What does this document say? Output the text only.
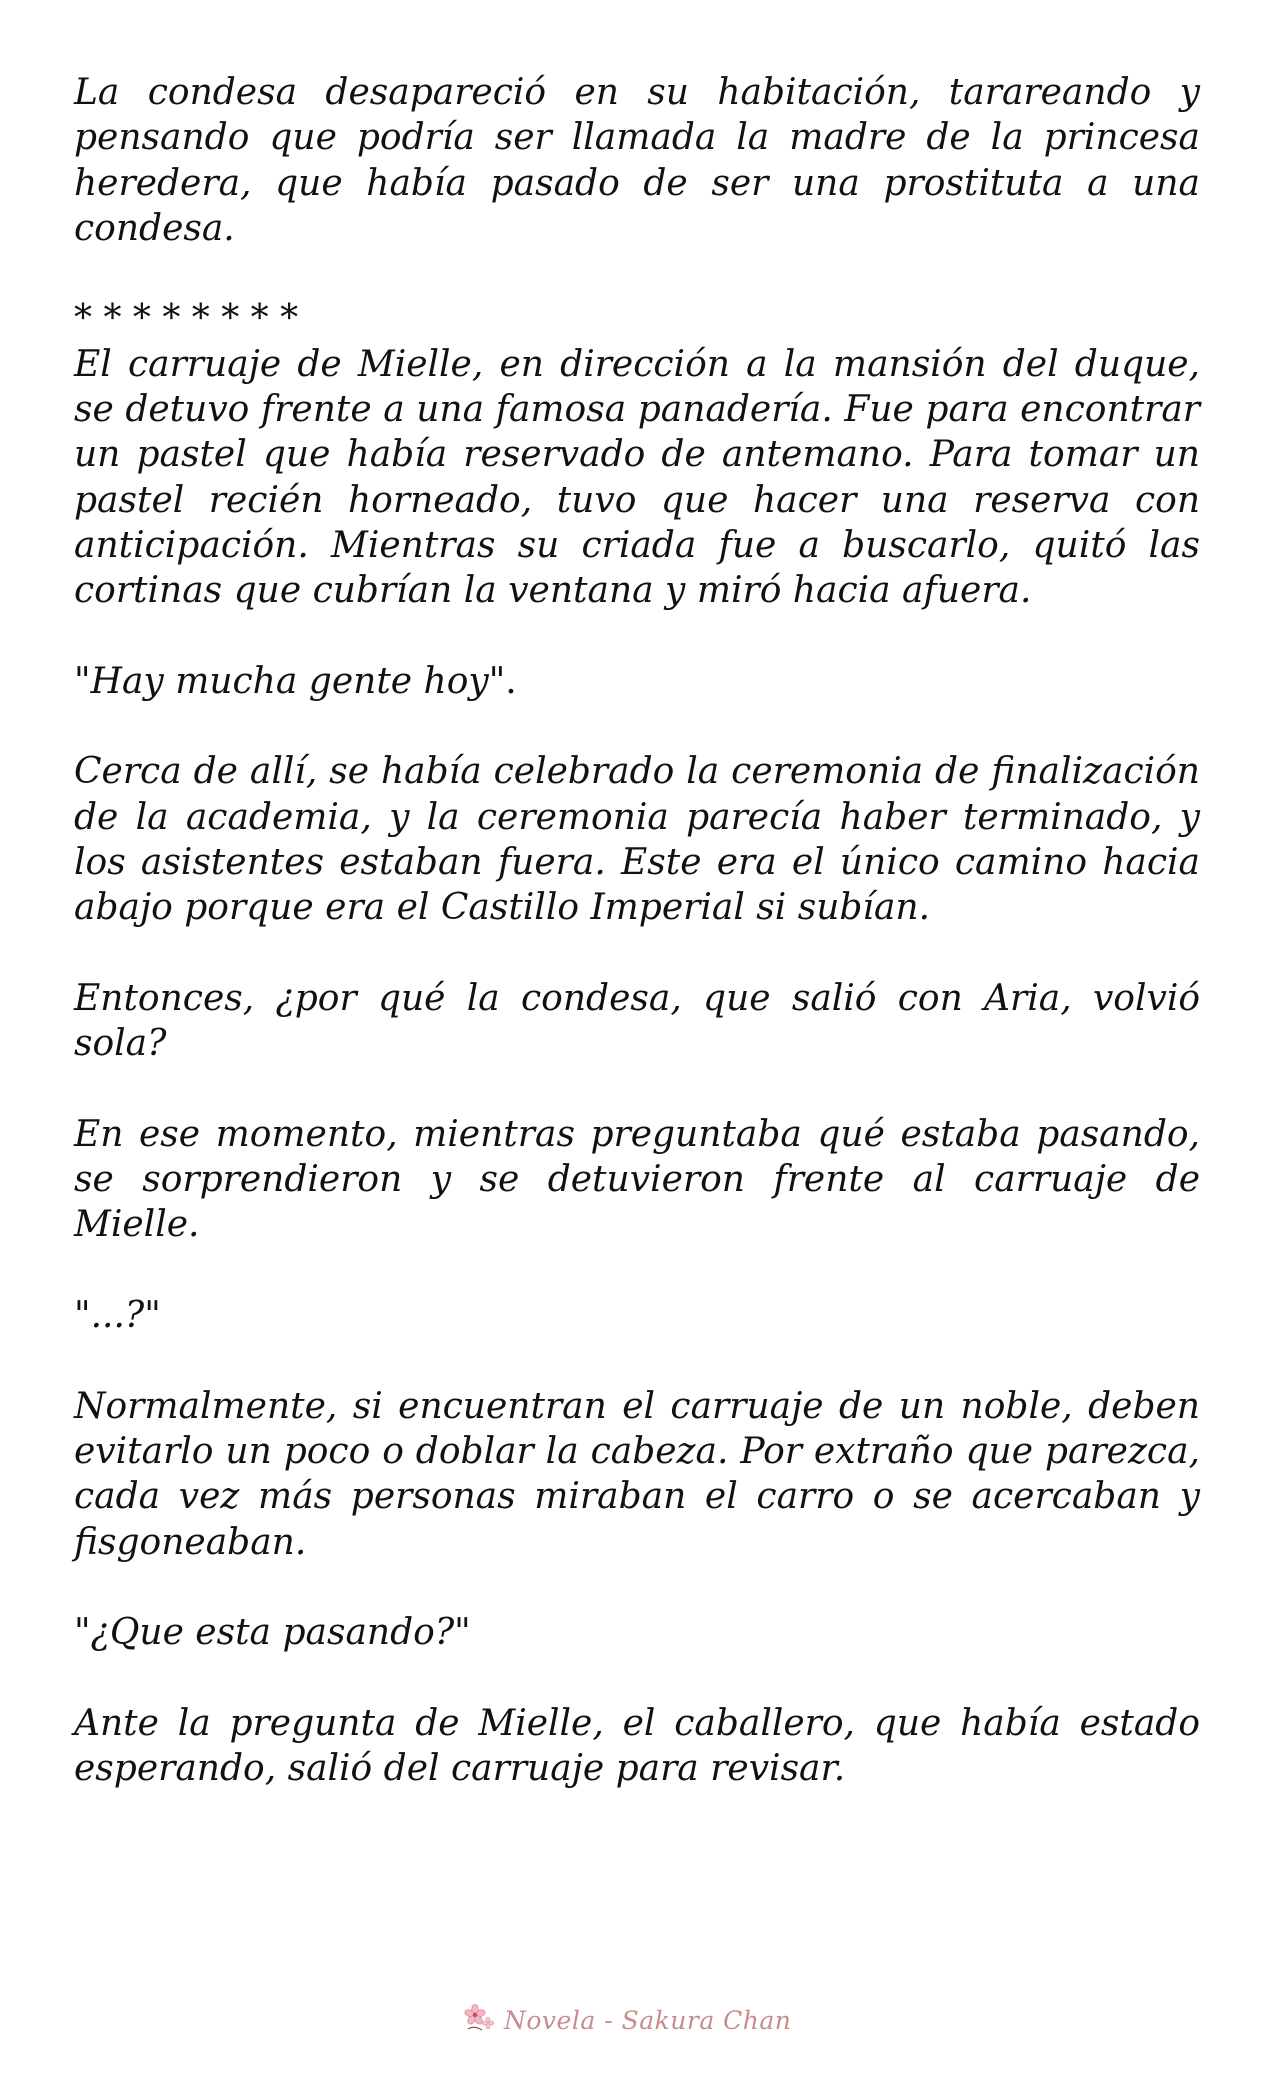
La condesa desapareció en su habitación, tarareando y pensando que podría ser llamada la madre de la princesa heredera, que había pasado de ser una prostituta a una condesa.

* * * * * * * *

El carruaje de Mielle, en dirección a la mansión del duque, se detuvo frente a una famosa panadería. Fue para encontrar un pastel que había reservado de antemano. Para tomar un pastel recién horneado, tuvo que hacer una reserva con anticipación. Mientras su criada fue a buscarlo, quitó las cortinas que cubrían la ventana y miró hacia afuera.

"Hay mucha gente hoy".

Cerca de allí, se había celebrado la ceremonia de finalización de la academia, y la ceremonia parecía haber terminado, y los asistentes estaban fuera. Este era el único camino hacia abajo porque era el Castillo Imperial si subían.

Entonces, ¿por qué la condesa, que salió con Aria, volvió sola?

En ese momento, mientras preguntaba qué estaba pasando, se sorprendieron y se detuvieron frente al carruaje de Mielle.

"...?"

Normalmente, si encuentran el carruaje de un noble, deben evitarlo un poco o doblar la cabeza. Por extraño que parezca, cada vez más personas miraban el carro o se acercaban y fisgoneaban.

"¿Que esta pasando?"

Ante la pregunta de Mielle, el caballero, que había estado esperando, salió del carruaje para revisar.

Novela - Sakura Chan
